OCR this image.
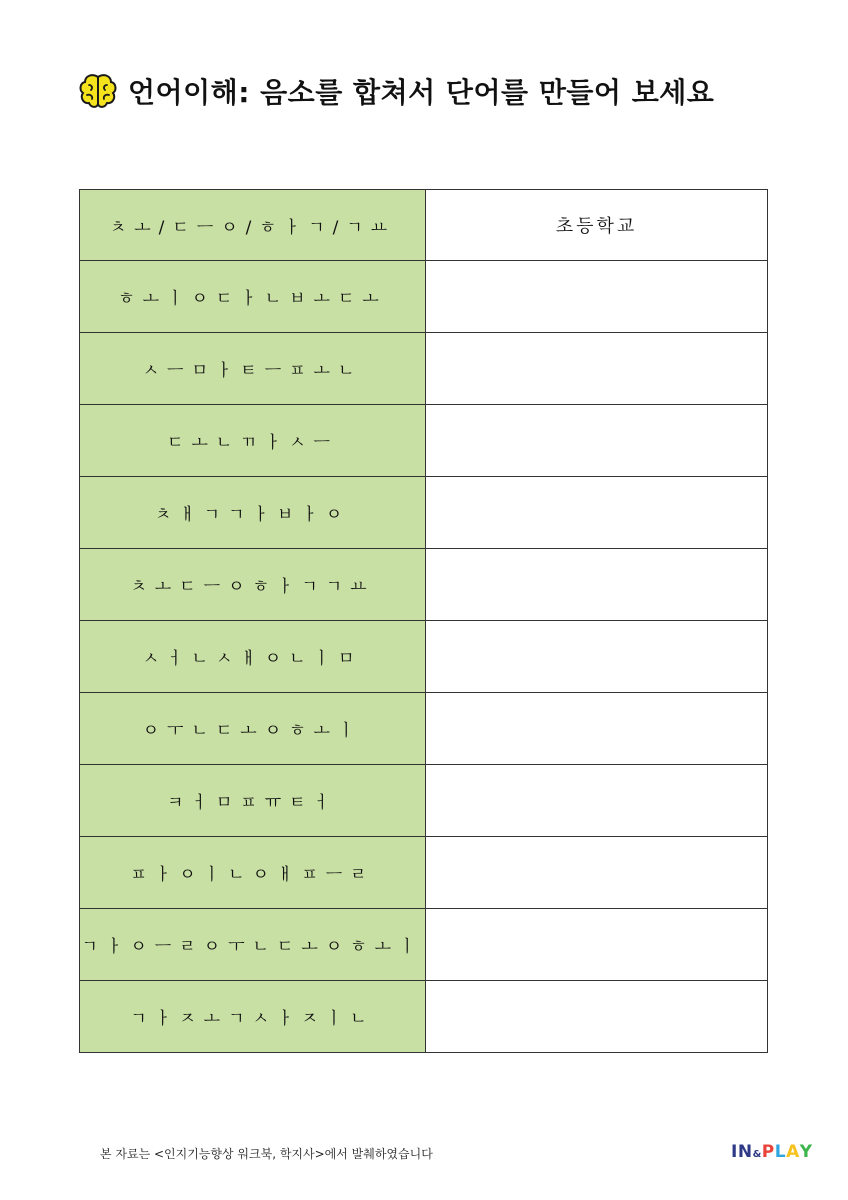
언어이해: 음소를 합쳐서 단어를 만들어 보세요
ㅊㅗ/ㄷㅡㅇ/ㅎㅏㄱ/ㄱㅛ	초등학교
ㅎㅗㅣㅇㄷㅏㄴㅂㅗㄷㅗ
ㅅㅡㅁㅏㅌㅡㅍㅗㄴ
ㄷㅗㄴㄲㅏㅅㅡ
ㅊㅐㄱㄱㅏㅂㅏㅇ
ㅊㅗㄷㅡㅇㅎㅏㄱㄱㅛ
ㅅㅓㄴㅅㅐㅇㄴㅣㅁ
ㅇㅜㄴㄷㅗㅇㅎㅗㅣ
ㅋㅓㅁㅍㅠㅌㅓ
ㅍㅏㅇㅣㄴㅇㅐㅍㅡㄹ
ㄱㅏㅇㅡㄹㅇㅜㄴㄷㅗㅇㅎㅗㅣ
ㄱㅏㅈㅗㄱㅅㅏㅈㅣㄴ
본 자료는 <인지기능향상 워크북, 학지사>에서 발췌하였습니다	IN & P L A Y
